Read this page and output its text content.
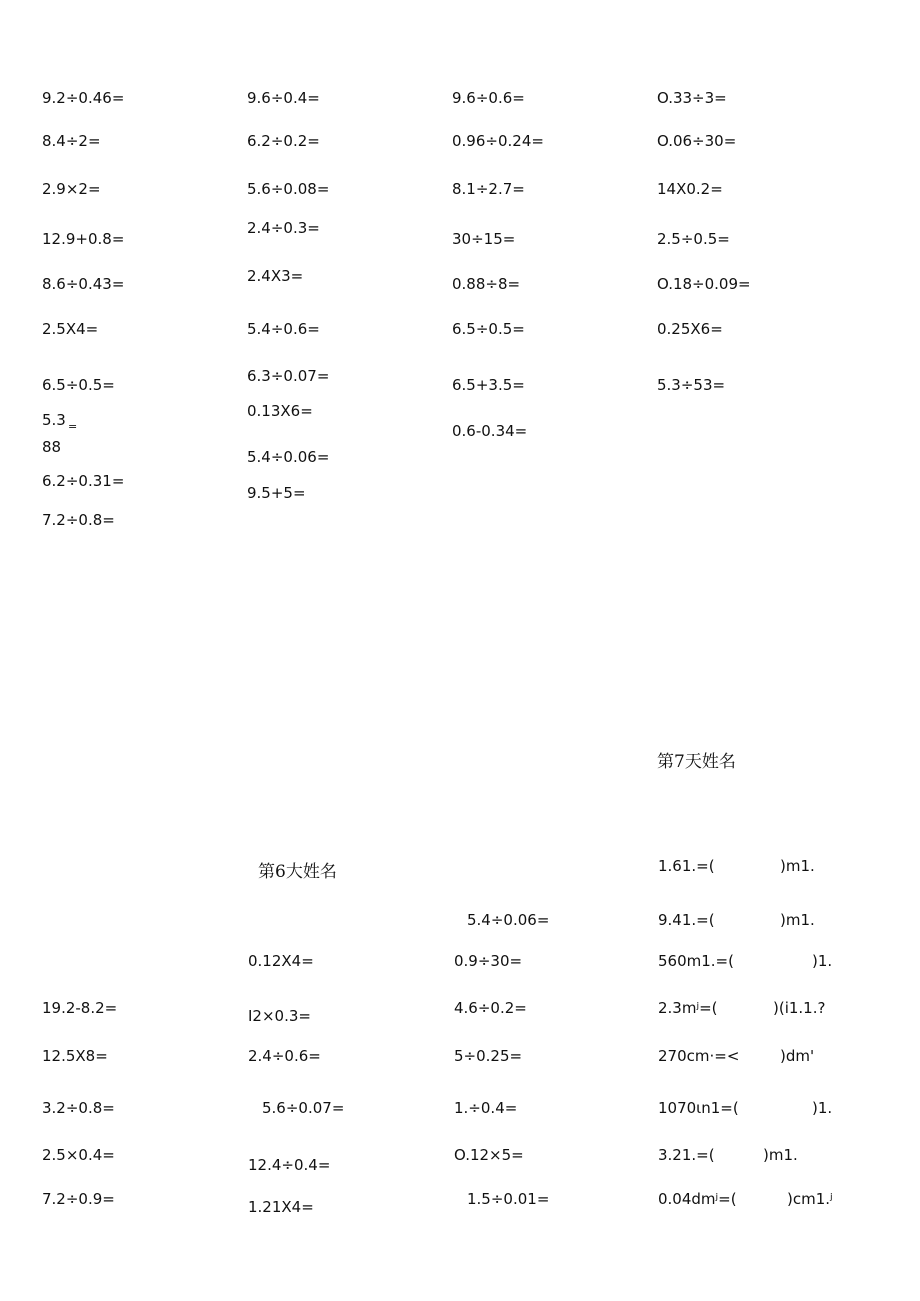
9.2÷0.46=
8.4÷2=
2.9×2=
12.9+0.8=
8.6÷0.43=
2.5X4=
6.5÷0.5=
5.3 =
88
6.2÷0.31=
7.2÷0.8=
9.6÷0.4=
6.2÷0.2=
5.6÷0.08=
2.4÷0.3=
2.4X3=
5.4÷0.6=
6.3÷0.07=
0.13X6=
5.4÷0.06=
9.5+5=
9.6÷0.6=
0.96÷0.24=
8.1÷2.7=
30÷15=
0.88÷8=
6.5÷0.5=
6.5+3.5=
0.6-0.34=
O.33÷3=
O.06÷30=
14X0.2=
2.5÷0.5=
O.18÷0.09=
0.25X6=
5.3÷53=
第7天姓名
第6大姓名
19.2-8.2=
12.5X8=
3.2÷0.8=
2.5×0.4=
7.2÷0.9=
0.12X4=
I2×0.3=
2.4÷0.6=
5.6÷0.07=
12.4÷0.4=
1.21X4=
5.4÷0.06=
0.9÷30=
4.6÷0.2=
5÷0.25=
1.÷0.4=
O.12×5=
1.5÷0.01=
1.61.=(
9.41.=(
560m1.=(
2.3mʲ=(
270cm·=<
1070ιn1=(
3.21.=(
0.04dmʲ=(
)m1.
)m1.
)1.
)(i1.1.?
)dm'
)1.
)m1.
)cm1.ʲ
